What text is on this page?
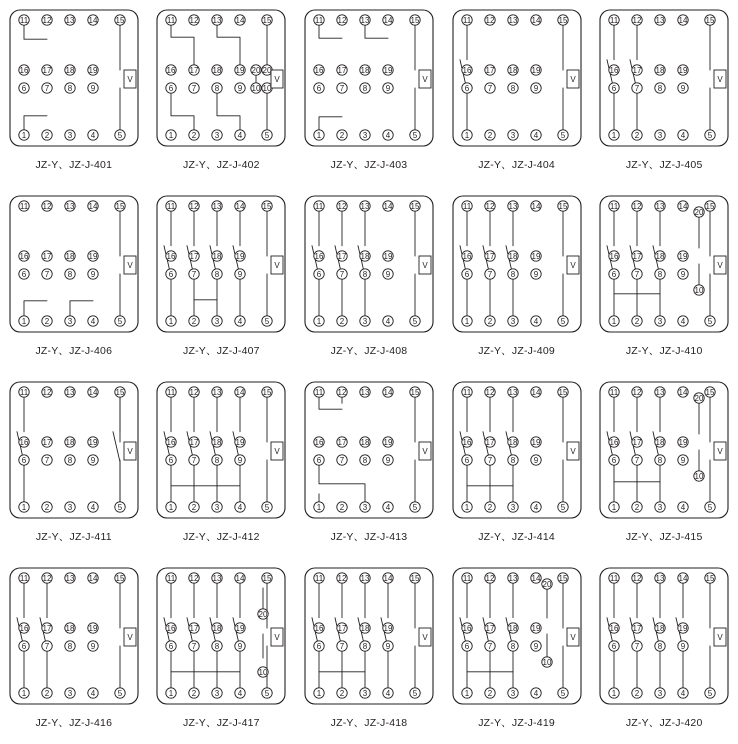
11 12 13 14 15
16 17 18 19
6 7 8 9
1 2 3 4	5
V
JZ-Y、JZ-J-401
11 12 13 14 15
16 17 18 19 20
6 7 8 9	10
1 2 3 4	5
20
10
V
JZ-Y、JZ-J-402
11 12 13 14 15
16 17 18 19
6 7 8 9
1 2 3 4	5
V
JZ-Y、JZ-J-403
11 12 13 14 15
16 17 18 19
6 7 8 9
1 2 3 4	5
V
JZ-Y、JZ-J-404
11 12 13 14 15
16 17 18 19
6 7 8 9
1 2 3 4	5
V
JZ-Y、JZ-J-405
11 12 13 14 15
16 17 18 19
6 7 8 9
1 2 3 4	5
V
JZ-Y、JZ-J-406
11 12 13 14 15
16 17 18 19
6 7 8 9
1 2 3 4	5
V
JZ-Y、JZ-J-407
11 12 13 14 15
16 17 18 19
6 7 8 9
1 2 3 4	5
V
JZ-Y、JZ-J-408
11 12 13 14 15
16 17 18 19
6 7 8 9
1 2 3 4	5
V
JZ-Y、JZ-J-409
11 12 13 14 15
16 17 18 19
6 7 8 9
1 2 3 4	5
20
10
V
JZ-Y、JZ-J-410
11 12 13 14 15
16 17 18 19
6 7 8 9
1 2 3 4	5
V
JZ-Y、JZ-J-411
11 12 13 14 15
16 17 18 19
6 7 8 9
1 2 3 4	5
V
JZ-Y、JZ-J-412
11 12 13 14 15
16 17 18 19
6 7 8 9
1 2 3 4	5
V
JZ-Y、JZ-J-413
11 12 13 14 15
16 17 18 19
6 7 8 9
1 2 3 4	5
V
JZ-Y、JZ-J-414
11 12 13 14 15
16 17 18 19
6 7 8 9
1 2 3 4	5
20
10
V
JZ-Y、JZ-J-415
11 12 13 14 15
16 17 18 19
6 7 8 9
1 2 3 4	5
V
JZ-Y、JZ-J-416
11 12 13 14 15
16 17 18 19
6 7 8 9
1 2 3 4	5
20
10
V
JZ-Y、JZ-J-417
11 12 13 14 15
16 17 18 19
6 7 8 9
1 2 3 4	5
V
JZ-Y、JZ-J-418
11 12 13 14 15
16 17 18 19
6 7 8 9
1 2 3 4	5
20
10
V
JZ-Y、JZ-J-419
11 12 13 14 15
16 17 18 19
6 7 8 9
1 2 3 4	5
V
JZ-Y、JZ-J-420
